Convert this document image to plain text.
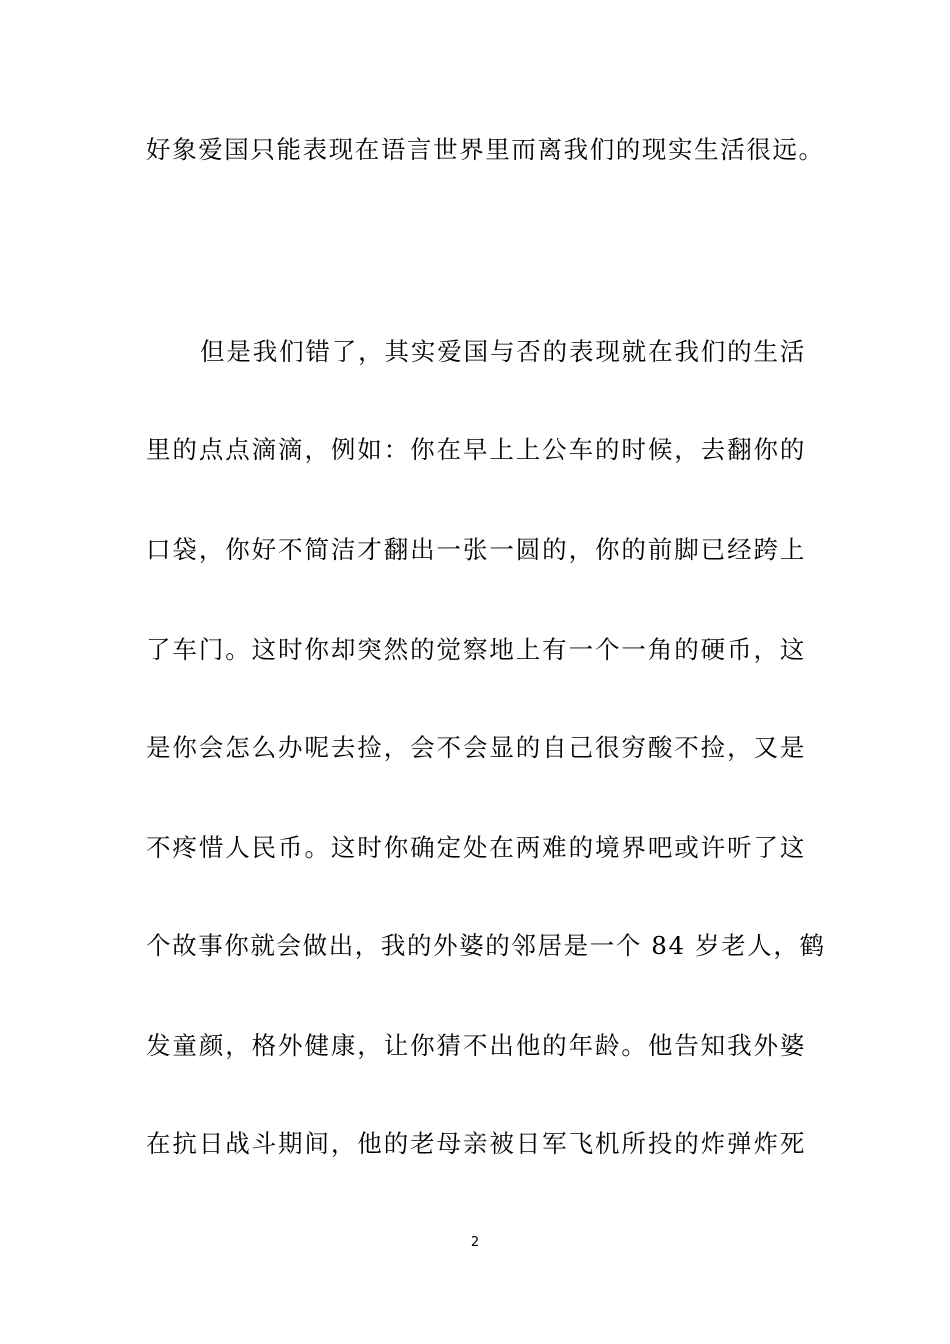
好象爱国只能表现在语言世界里而离我们的现实生活很远。
但是我们错了，其实爱国与否的表现就在我们的生活
里的点点滴滴，例如：你在早上上公车的时候，去翻你的
口袋，你好不简洁才翻出一张一圆的，你的前脚已经跨上
了车门。这时你却突然的觉察地上有一个一角的硬币，这
是你会怎么办呢去捡，会不会显的自己很穷酸不捡，又是
不疼惜人民币。这时你确定处在两难的境界吧或许听了这
个故事你就会做出，我的外婆的邻居是一个 84 岁老人，鹤
发童颜，格外健康，让你猜不出他的年龄。他告知我外婆
在抗日战斗期间，他的老母亲被日军飞机所投的炸弹炸死
2
